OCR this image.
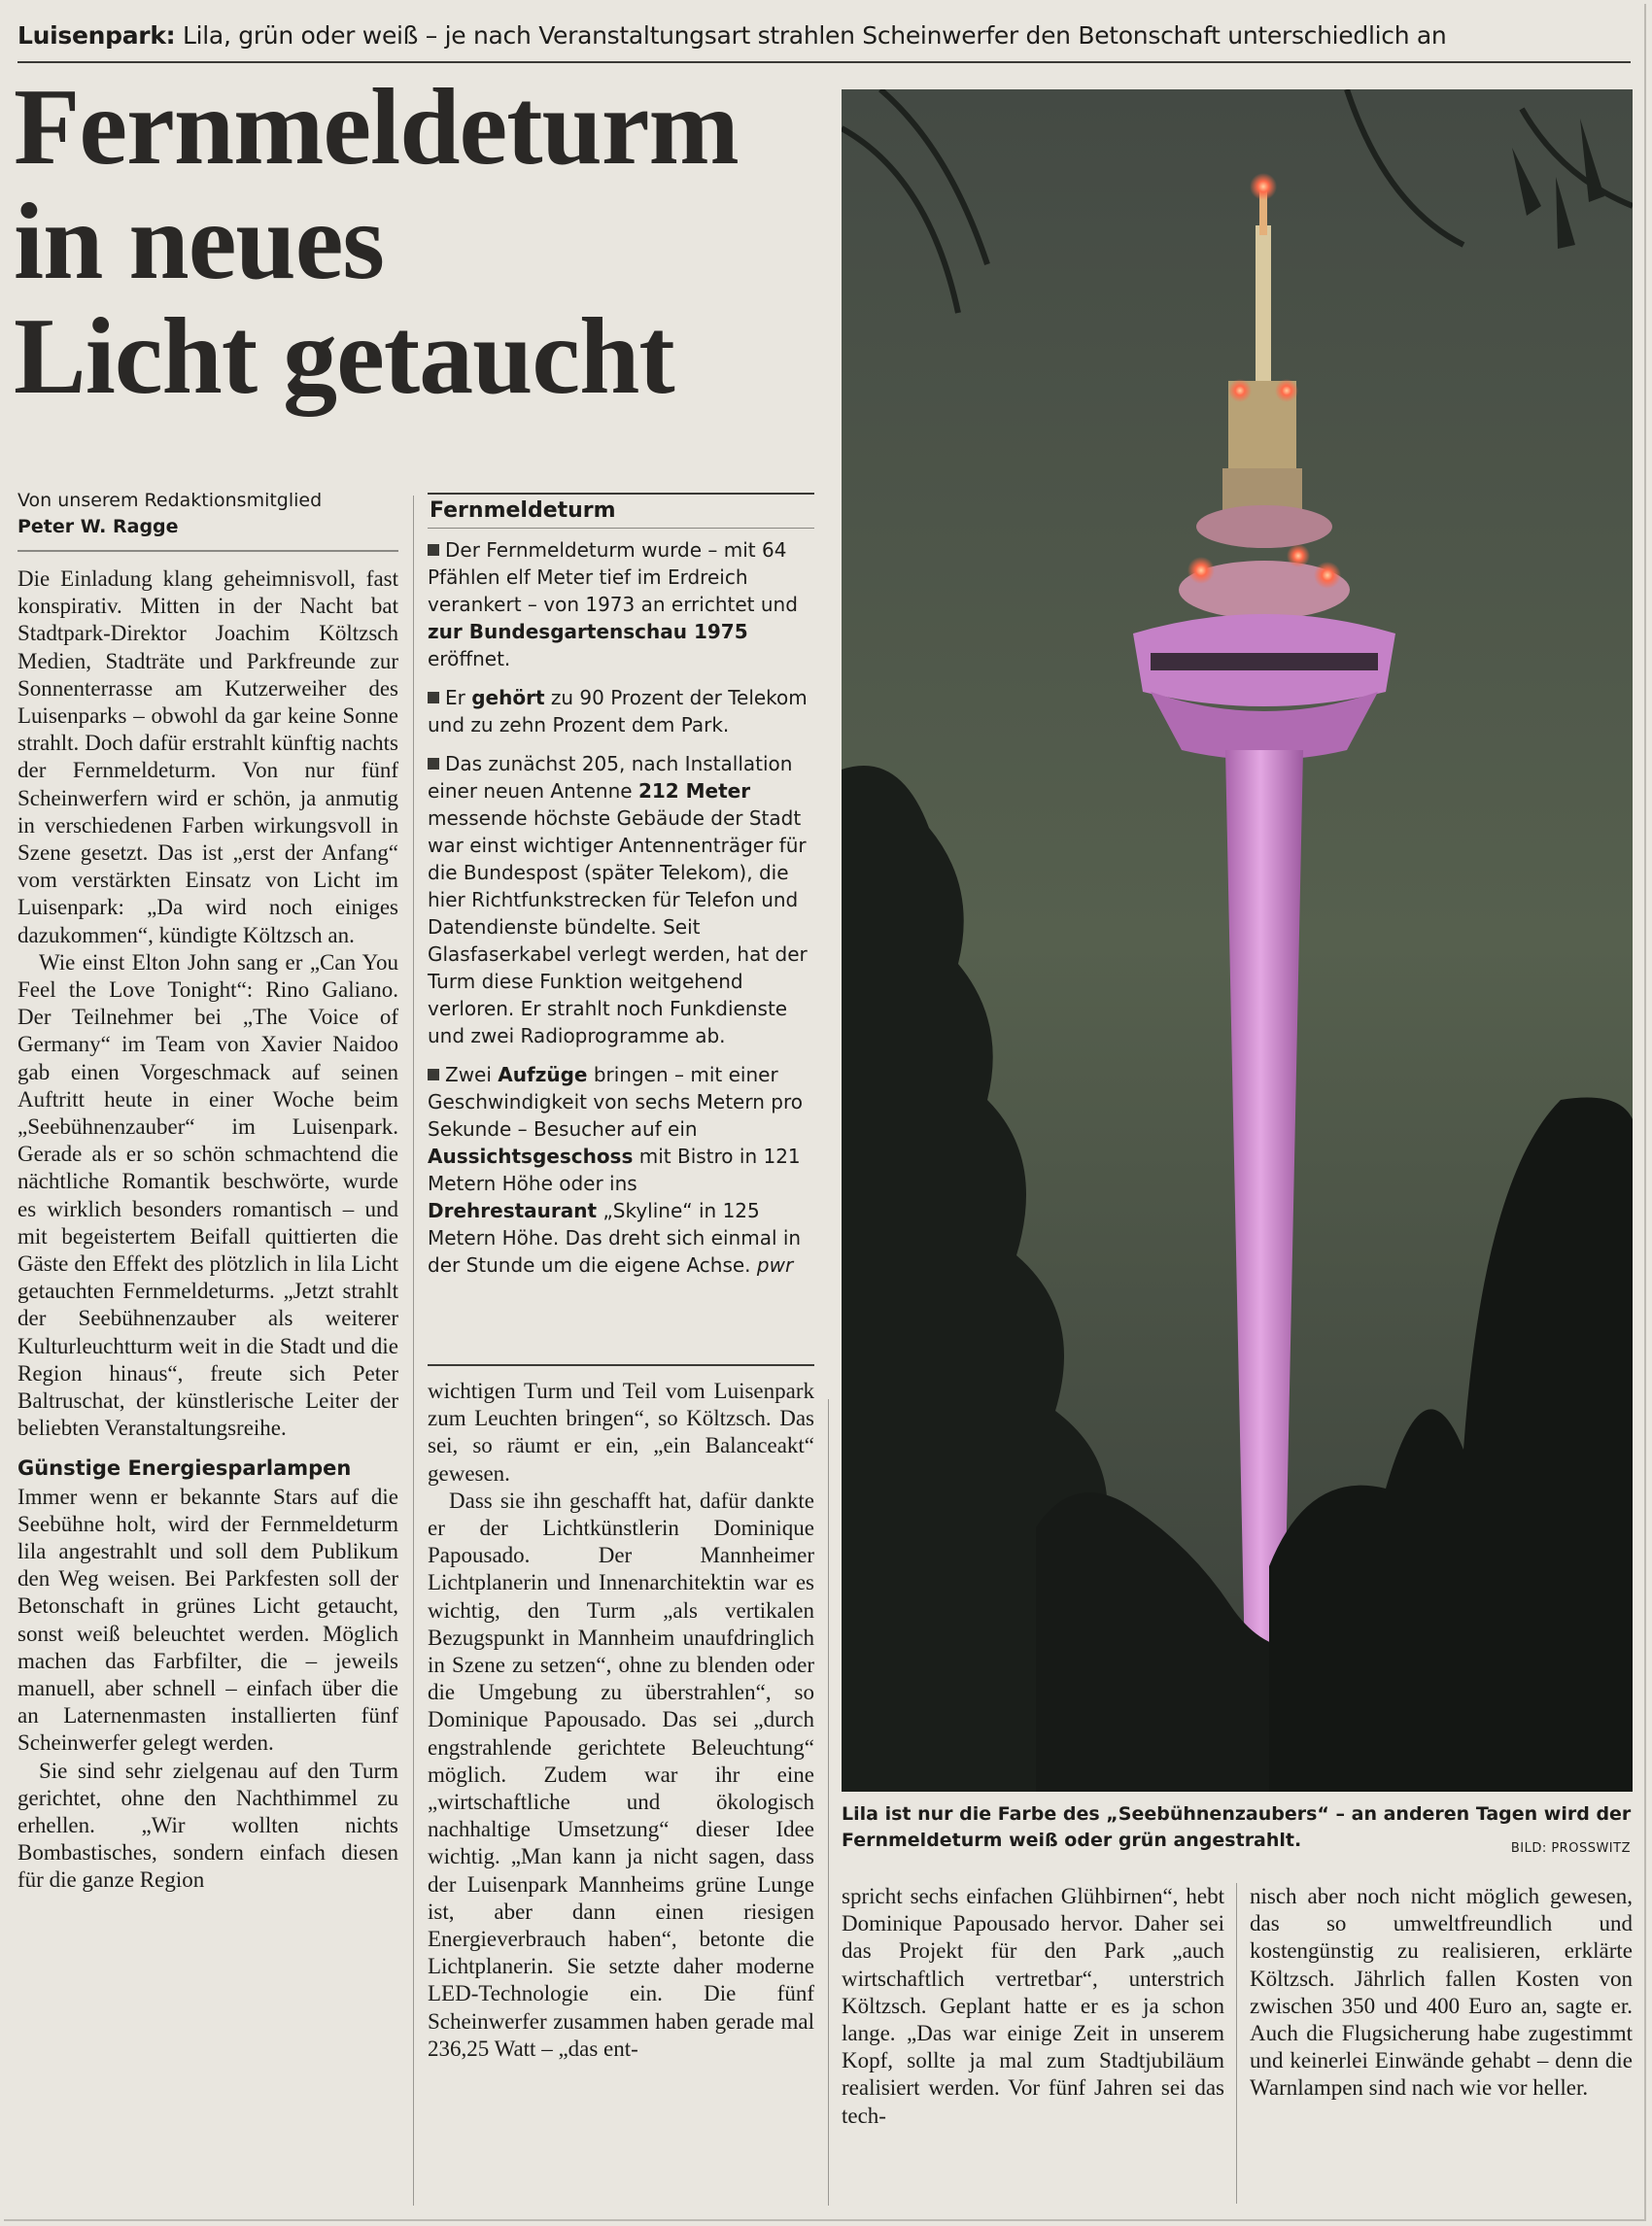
Luisenpark: Lila, grün oder weiß – je nach Veranstaltungsart strahlen Scheinwerfer den Betonschaft unterschiedlich an
Fernmeldeturm
in neues
Licht getaucht
Von unserem Redaktionsmitglied
Peter W. Ragge

Die Einladung klang geheimnisvoll, fast konspirativ. Mitten in der Nacht bat Stadtpark-Direktor Joachim Költzsch Medien, Stadträte und Parkfreunde zur Sonnenterrasse am Kutzerweiher des Luisenparks – obwohl da gar keine Sonne strahlt. Doch dafür erstrahlt künftig nachts der Fernmeldeturm. Von nur fünf Scheinwerfern wird er schön, ja anmutig in verschiedenen Farben wirkungsvoll in Szene gesetzt. Das ist „erst der Anfang“ vom verstärkten Einsatz von Licht im Luisenpark: „Da wird noch einiges dazukommen“, kündigte Költzsch an.

Wie einst Elton John sang er „Can You Feel the Love Tonight“: Rino Galiano. Der Teilnehmer bei „The Voice of Germany“ im Team von Xavier Naidoo gab einen Vorgeschmack auf seinen Auftritt heute in einer Woche beim „Seebühnenzauber“ im Luisenpark. Gerade als er so schön schmachtend die nächtliche Romantik beschwörte, wurde es wirklich besonders romantisch – und mit begeistertem Beifall quittierten die Gäste den Effekt des plötzlich in lila Licht getauchten Fernmeldeturms. „Jetzt strahlt der Seebühnenzauber als weiterer Kulturleuchtturm weit in die Stadt und die Region hinaus“, freute sich Peter Baltruschat, der künstlerische Leiter der beliebten Veranstaltungsreihe.

Günstige Energiesparlampen

Immer wenn er bekannte Stars auf die Seebühne holt, wird der Fernmeldeturm lila angestrahlt und soll dem Publikum den Weg weisen. Bei Parkfesten soll der Betonschaft in grünes Licht getaucht, sonst weiß beleuchtet werden. Möglich machen das Farbfilter, die – jeweils manuell, aber schnell – einfach über die an Laternenmasten installierten fünf Scheinwerfer gelegt werden.

Sie sind sehr zielgenau auf den Turm gerichtet, ohne den Nachthimmel zu erhellen. „Wir wollten nichts Bombastisches, sondern einfach diesen für die ganze Region

Fernmeldeturm
Der Fernmeldeturm wurde – mit 64 Pfählen elf Meter tief im Erdreich verankert – von 1973 an errichtet und zur Bundesgartenschau 1975 eröffnet.
Er gehört zu 90 Prozent der Telekom und zu zehn Prozent dem Park.
Das zunächst 205, nach Installation einer neuen Antenne 212 Meter messende höchste Gebäude der Stadt war einst wichtiger Antennenträger für die Bundespost (später Telekom), die hier Richtfunkstrecken für Telefon und Datendienste bündelte. Seit Glasfaserkabel verlegt werden, hat der Turm diese Funktion weitgehend verloren. Er strahlt noch Funkdienste und zwei Radioprogramme ab.
Zwei Aufzüge bringen – mit einer Geschwindigkeit von sechs Metern pro Sekunde – Besucher auf ein Aussichtsgeschoss mit Bistro in 121 Metern Höhe oder ins Drehrestaurant „Skyline“ in 125 Metern Höhe. Das dreht sich einmal in der Stunde um die eigene Achse. pwr

wichtigen Turm und Teil vom Luisenpark zum Leuchten bringen“, so Költzsch. Das sei, so räumt er ein, „ein Balanceakt“ gewesen.

Dass sie ihn geschafft hat, dafür dankte er der Lichtkünstlerin Dominique Papousado. Der Mannheimer Lichtplanerin und Innenarchitektin war es wichtig, den Turm „als vertikalen Bezugspunkt in Mannheim unaufdringlich in Szene zu setzen“, ohne zu blenden oder die Umgebung zu überstrahlen“, so Dominique Papousado. Das sei „durch engstrahlende gerichtete Beleuchtung“ möglich. Zudem war ihr eine „wirtschaftliche und ökologisch nachhaltige Umsetzung“ dieser Idee wichtig. „Man kann ja nicht sagen, dass der Luisenpark Mannheims grüne Lunge ist, aber dann einen riesigen Energieverbrauch haben“, betonte die Lichtplanerin. Sie setzte daher moderne LED-Technologie ein. Die fünf Scheinwerfer zusammen haben gerade mal 236,25 Watt – „das ent-

Lila ist nur die Farbe des „Seebühnenzaubers“ – an anderen Tagen wird der Fernmeldeturm weiß oder grün angestrahlt.	BILD: PROSSWITZ

spricht sechs einfachen Glühbirnen“, hebt Dominique Papousado hervor. Daher sei das Projekt für den Park „auch wirtschaftlich vertretbar“, unterstrich Költzsch. Geplant hatte er es ja schon lange. „Das war einige Zeit in unserem Kopf, sollte ja mal zum Stadtjubiläum realisiert werden. Vor fünf Jahren sei das tech-

nisch aber noch nicht möglich gewesen, das so umweltfreundlich und kostengünstig zu realisieren, erklärte Költzsch. Jährlich fallen Kosten von zwischen 350 und 400 Euro an, sagte er. Auch die Flugsicherung habe zugestimmt und keinerlei Einwände gehabt – denn die Warnlampen sind nach wie vor heller.
